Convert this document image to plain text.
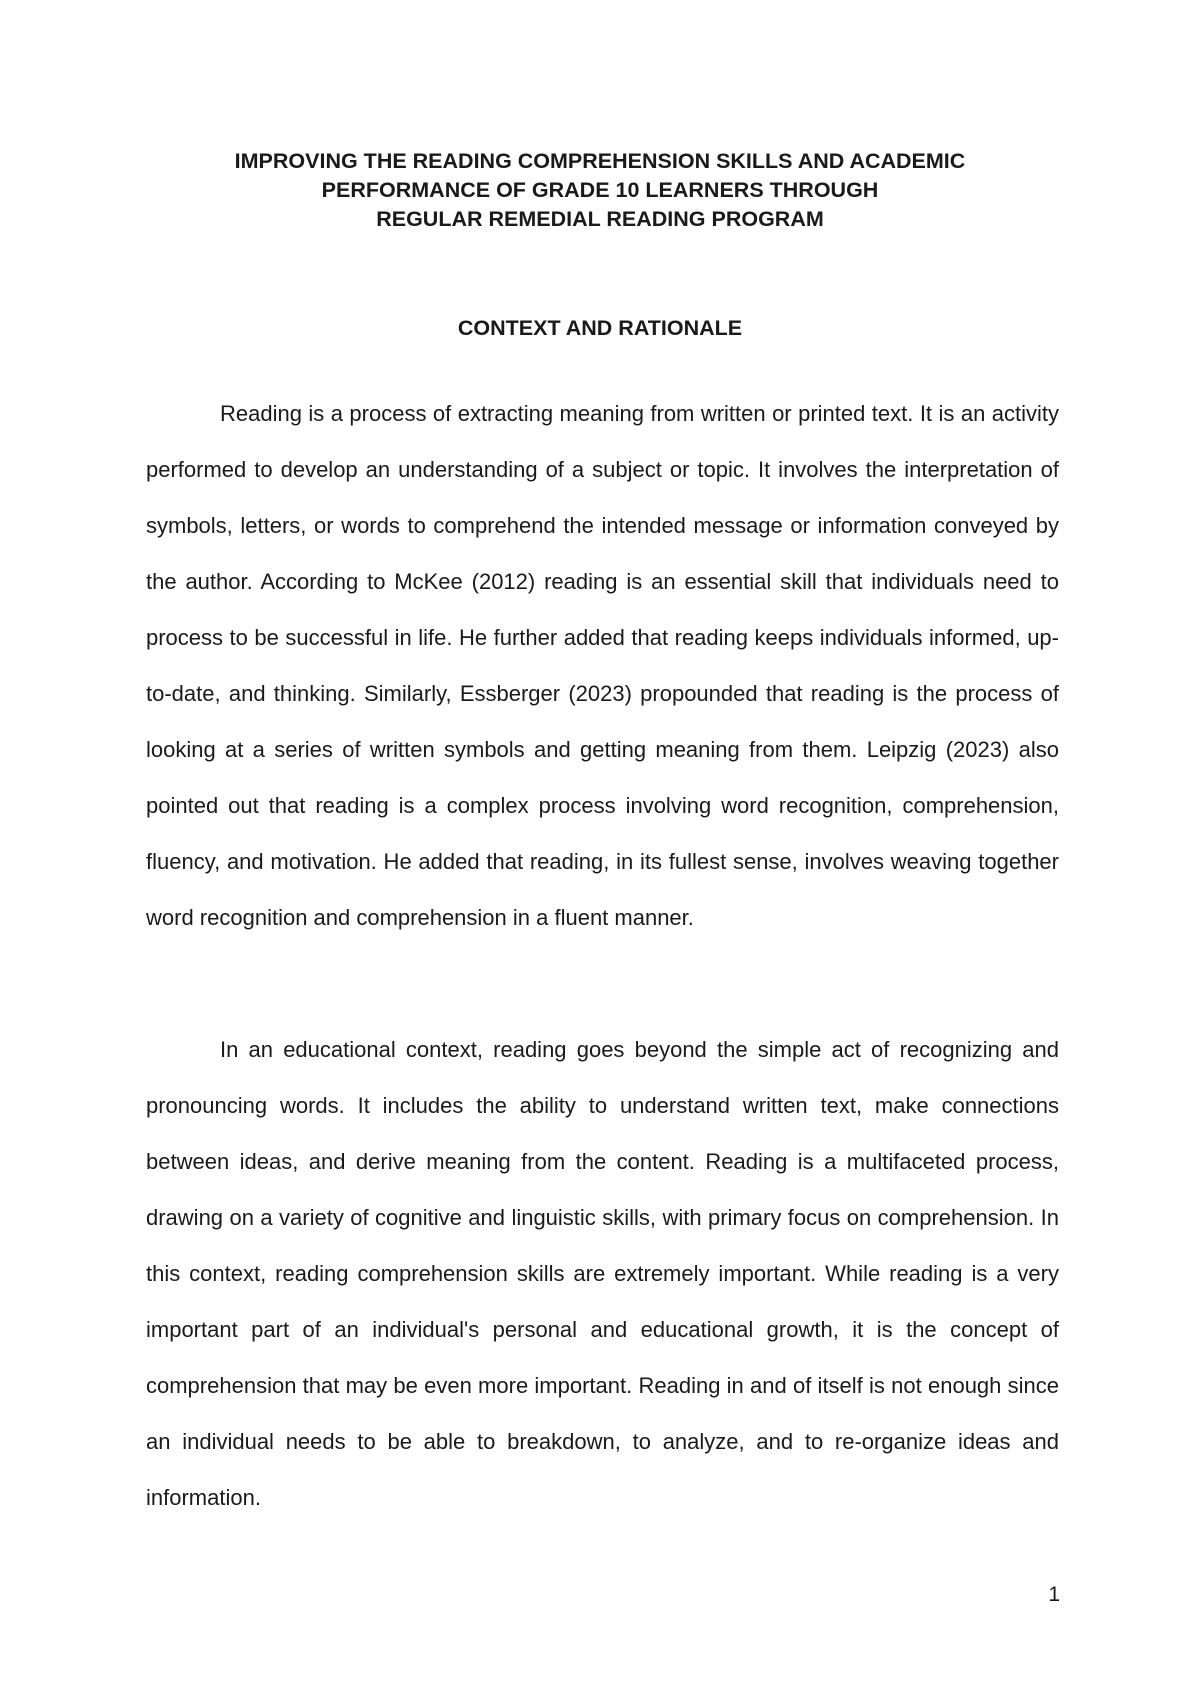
IMPROVING THE READING COMPREHENSION SKILLS AND ACADEMIC
PERFORMANCE OF GRADE 10 LEARNERS THROUGH
REGULAR REMEDIAL READING PROGRAM
CONTEXT AND RATIONALE

Reading is a process of extracting meaning from written or printed text. It is an activity performed to develop an understanding of a subject or topic. It involves the interpretation of symbols, letters, or words to comprehend the intended message or information conveyed by the author. According to McKee (2012) reading is an essential skill that individuals need to process to be successful in life. He further added that reading keeps individuals informed, up-to-date, and thinking. Similarly, Essberger (2023) propounded that reading is the process of looking at a series of written symbols and getting meaning from them. Leipzig (2023) also pointed out that reading is a complex process involving word recognition, comprehension, fluency, and motivation. He added that reading, in its fullest sense, involves weaving together word recognition and comprehension in a fluent manner.

In an educational context, reading goes beyond the simple act of recognizing and pronouncing words. It includes the ability to understand written text, make connections between ideas, and derive meaning from the content. Reading is a multifaceted process, drawing on a variety of cognitive and linguistic skills, with primary focus on comprehension. In this context, reading comprehension skills are extremely important. While reading is a very important part of an individual's personal and educational growth, it is the concept of comprehension that may be even more important. Reading in and of itself is not enough since an individual needs to be able to breakdown, to analyze, and to re-organize ideas and information.

1
